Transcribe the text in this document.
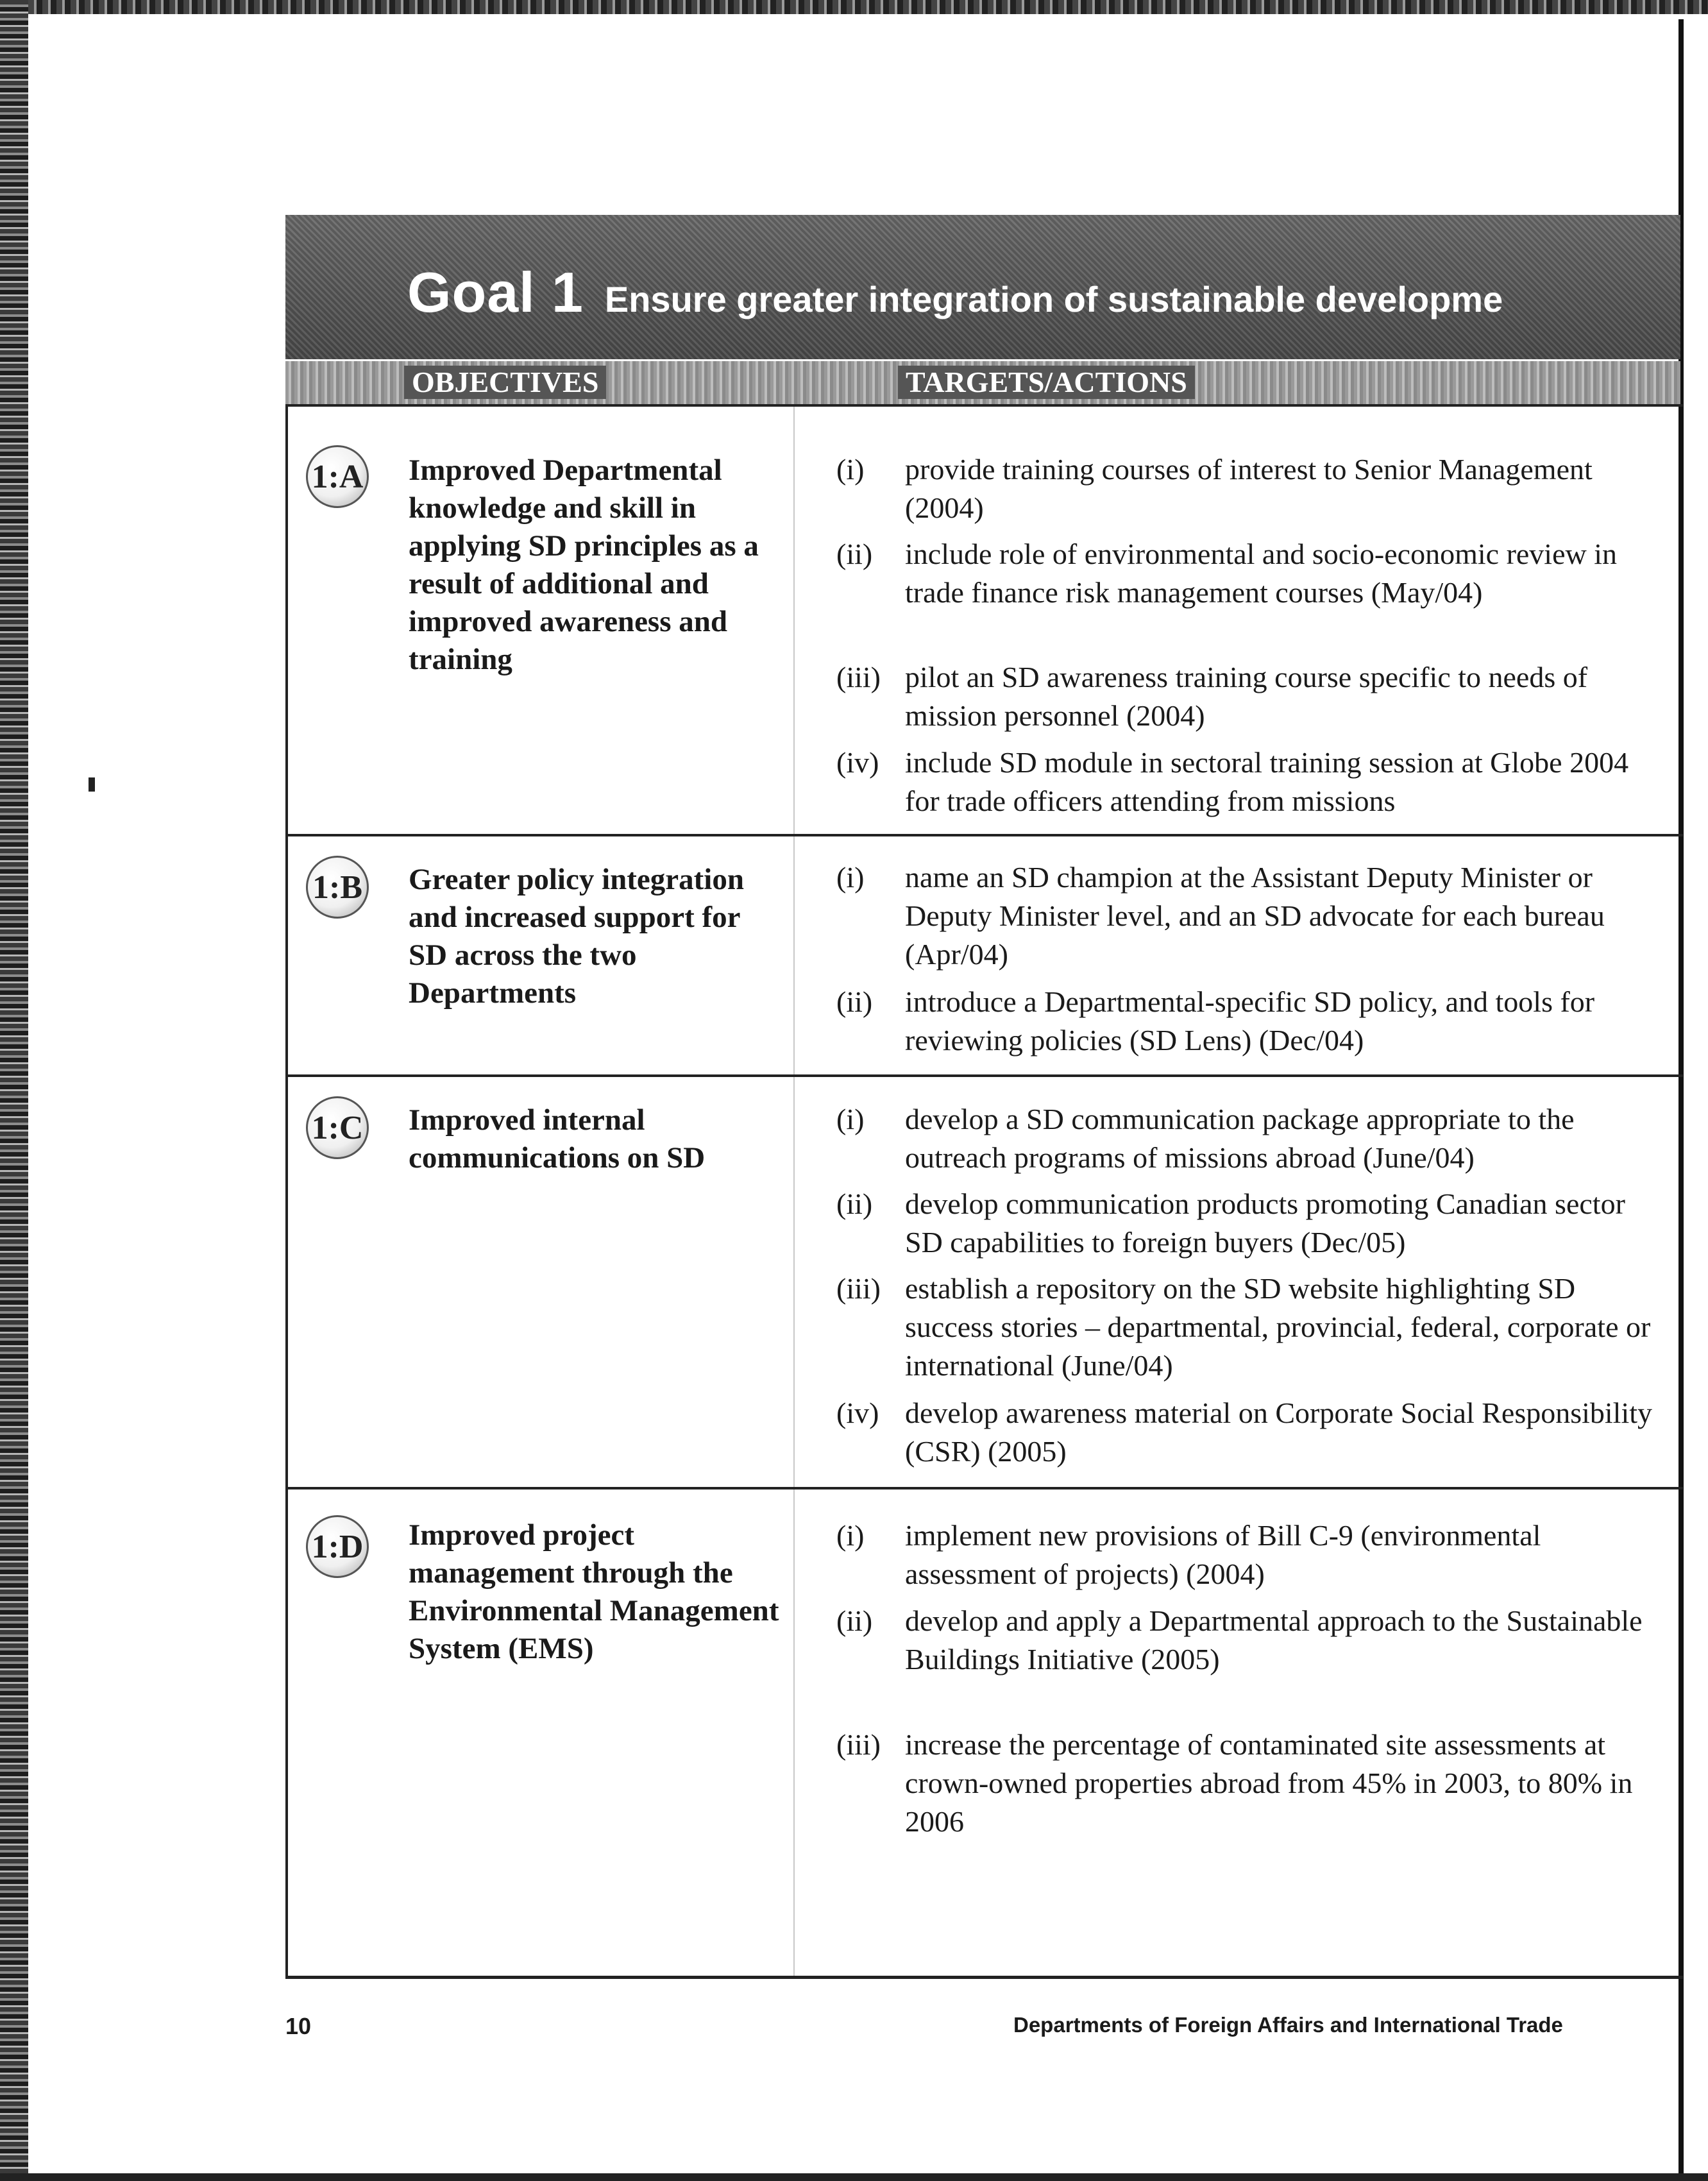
Goal 1 Ensure greater integration of sustainable developme
OBJECTIVES	TARGETS/ACTIONS
1:A Improved Departmental knowledge and skill in applying SD principles as a result of additional and improved awareness and training

(i) provide training courses of interest to Senior Management (2004)
(ii) include role of environmental and socio-economic review in trade finance risk management courses (May/04)
(iii) pilot an SD awareness training course specific to needs of mission personnel (2004)
(iv) include SD module in sectoral training session at Globe 2004 for trade officers attending from missions
1:B Greater policy integration and increased support for SD across the two Departments

(i) name an SD champion at the Assistant Deputy Minister or Deputy Minister level, and an SD advocate for each bureau (Apr/04)
(ii) introduce a Departmental-specific SD policy, and tools for reviewing policies (SD Lens) (Dec/04)
1:C Improved internal communications on SD

(i) develop a SD communication package appropriate to the outreach programs of missions abroad (June/04)
(ii) develop communication products promoting Canadian sector SD capabilities to foreign buyers (Dec/05)
(iii) establish a repository on the SD website highlighting SD success stories – departmental, provincial, federal, corporate or international (June/04)
(iv) develop awareness material on Corporate Social Responsibility (CSR) (2005)
1:D Improved project management through the Environmental Management System (EMS)

(i) implement new provisions of Bill C-9 (environmental assessment of projects) (2004)
(ii) develop and apply a Departmental approach to the Sustainable Buildings Initiative (2005)
(iii) increase the percentage of contaminated site assessments at crown-owned properties abroad from 45% in 2003, to 80% in 2006
10	Departments of Foreign Affairs and International Trade
